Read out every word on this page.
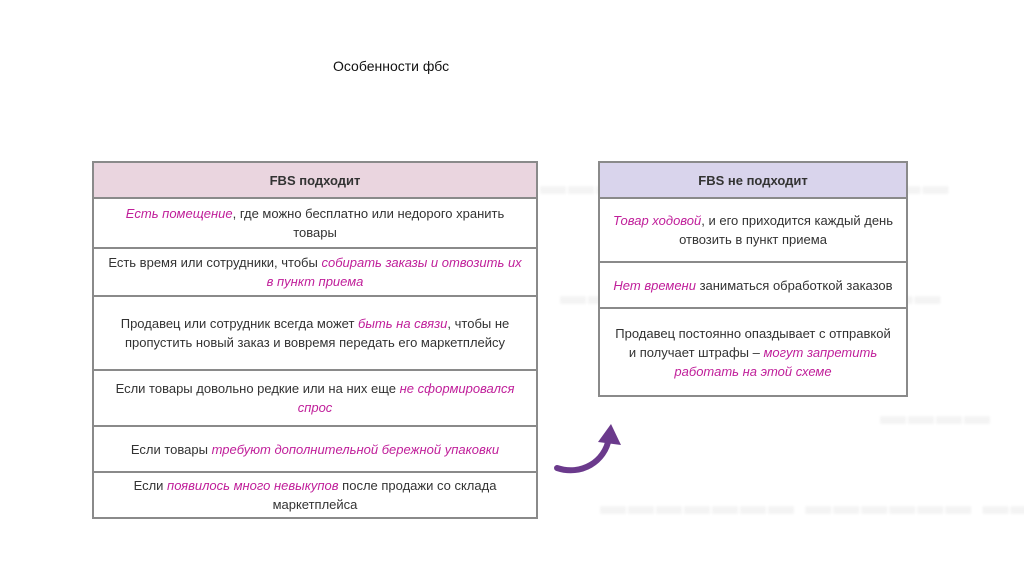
Особенности фбс
FBS подходит
Есть помещение, где можно бесплатно или недорого хранить товары
Есть время или сотрудники, чтобы собирать заказы и отвозить их в пункт приема
Продавец или сотрудник всегда может быть на связи, чтобы не пропустить новый заказ и вовремя передать его маркетплейсу
Если товары довольно редкие или на них еще не сформировался спрос
Если товары требуют дополнительной бережной упаковки
Если появилось много невыкупов после продажи со склада маркетплейса
FBS не подходит
Товар ходовой, и его приходится каждый день отвозить в пункт приема
Нет времени заниматься обработкой заказов
Продавец постоянно опаздывает с отправкой и получает штрафы – могут запретить работать на этой схеме
